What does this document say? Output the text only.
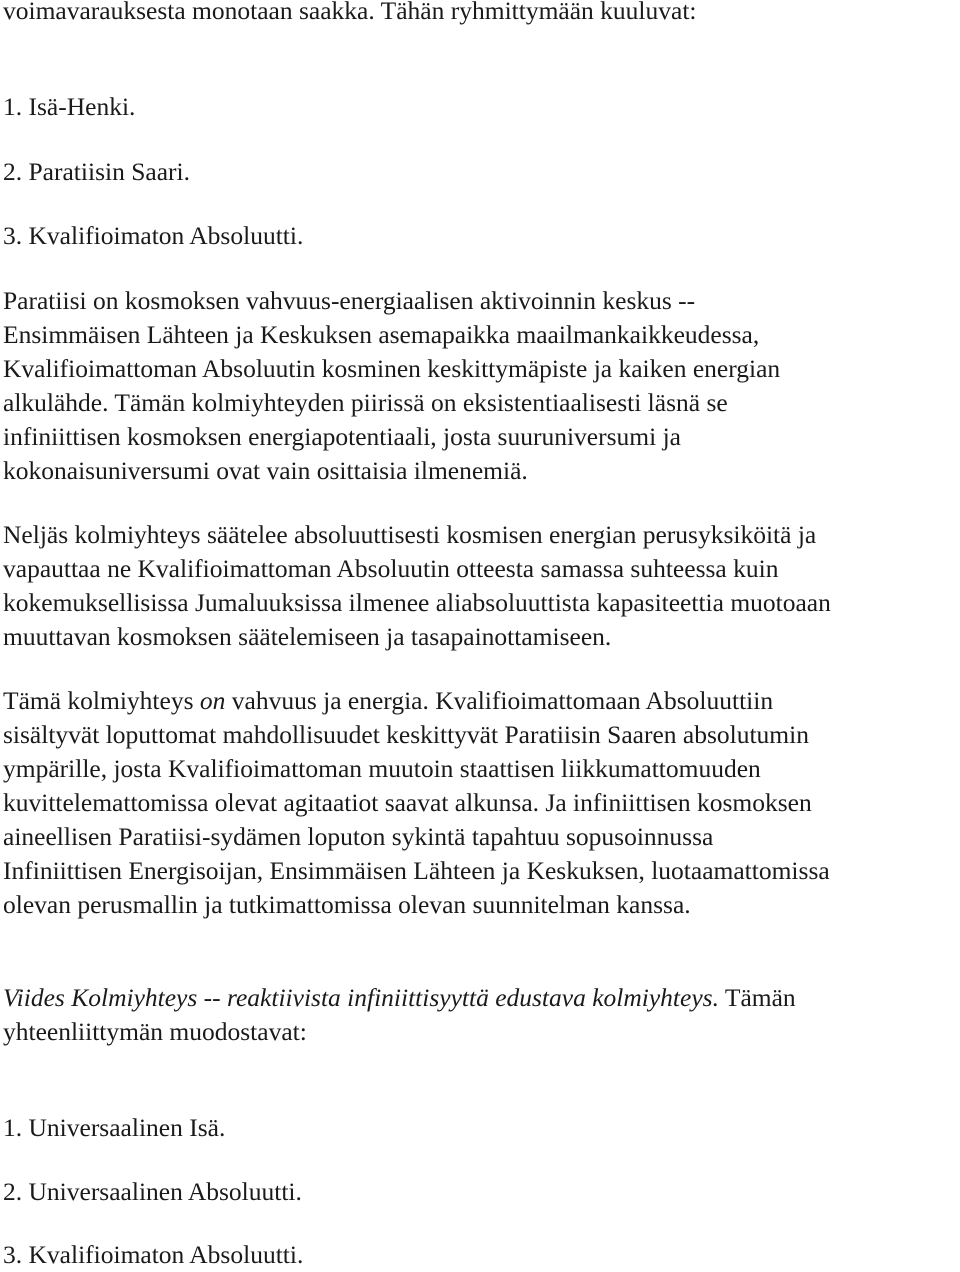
voimavarauksesta monotaan saakka. Tähän ryhmittymään kuuluvat:
1. Isä-Henki.
2. Paratiisin Saari.
3. Kvalifioimaton Absoluutti.
Paratiisi on kosmoksen vahvuus-energiaalisen aktivoinnin keskus --
Ensimmäisen Lähteen ja Keskuksen asemapaikka maailmankaikkeudessa,
Kvalifioimattoman Absoluutin kosminen keskittymäpiste ja kaiken energian
alkulähde. Tämän kolmiyhteyden piirissä on eksistentiaalisesti läsnä se
infiniittisen kosmoksen energiapotentiaali, josta suuruniversumi ja
kokonaisuniversumi ovat vain osittaisia ilmenemiä.
Neljäs kolmiyhteys säätelee absoluuttisesti kosmisen energian perusyksiköitä ja
vapauttaa ne Kvalifioimattoman Absoluutin otteesta samassa suhteessa kuin
kokemuksellisissa Jumaluuksissa ilmenee aliabsoluuttista kapasiteettia muotoaan
muuttavan kosmoksen säätelemiseen ja tasapainottamiseen.
Tämä kolmiyhteys on vahvuus ja energia. Kvalifioimattomaan Absoluuttiin
sisältyvät loputtomat mahdollisuudet keskittyvät Paratiisin Saaren absolutumin
ympärille, josta Kvalifioimattoman muutoin staattisen liikkumattomuuden
kuvittelemattomissa olevat agitaatiot saavat alkunsa. Ja infiniittisen kosmoksen
aineellisen Paratiisi-sydämen loputon sykintä tapahtuu sopusoinnussa
Infiniittisen Energisoijan, Ensimmäisen Lähteen ja Keskuksen, luotaamattomissa
olevan perusmallin ja tutkimattomissa olevan suunnitelman kanssa.
Viides Kolmiyhteys -- reaktiivista infiniittisyyttä edustava kolmiyhteys. Tämän
yhteenliittymän muodostavat:
1. Universaalinen Isä.
2. Universaalinen Absoluutti.
3. Kvalifioimaton Absoluutti.
